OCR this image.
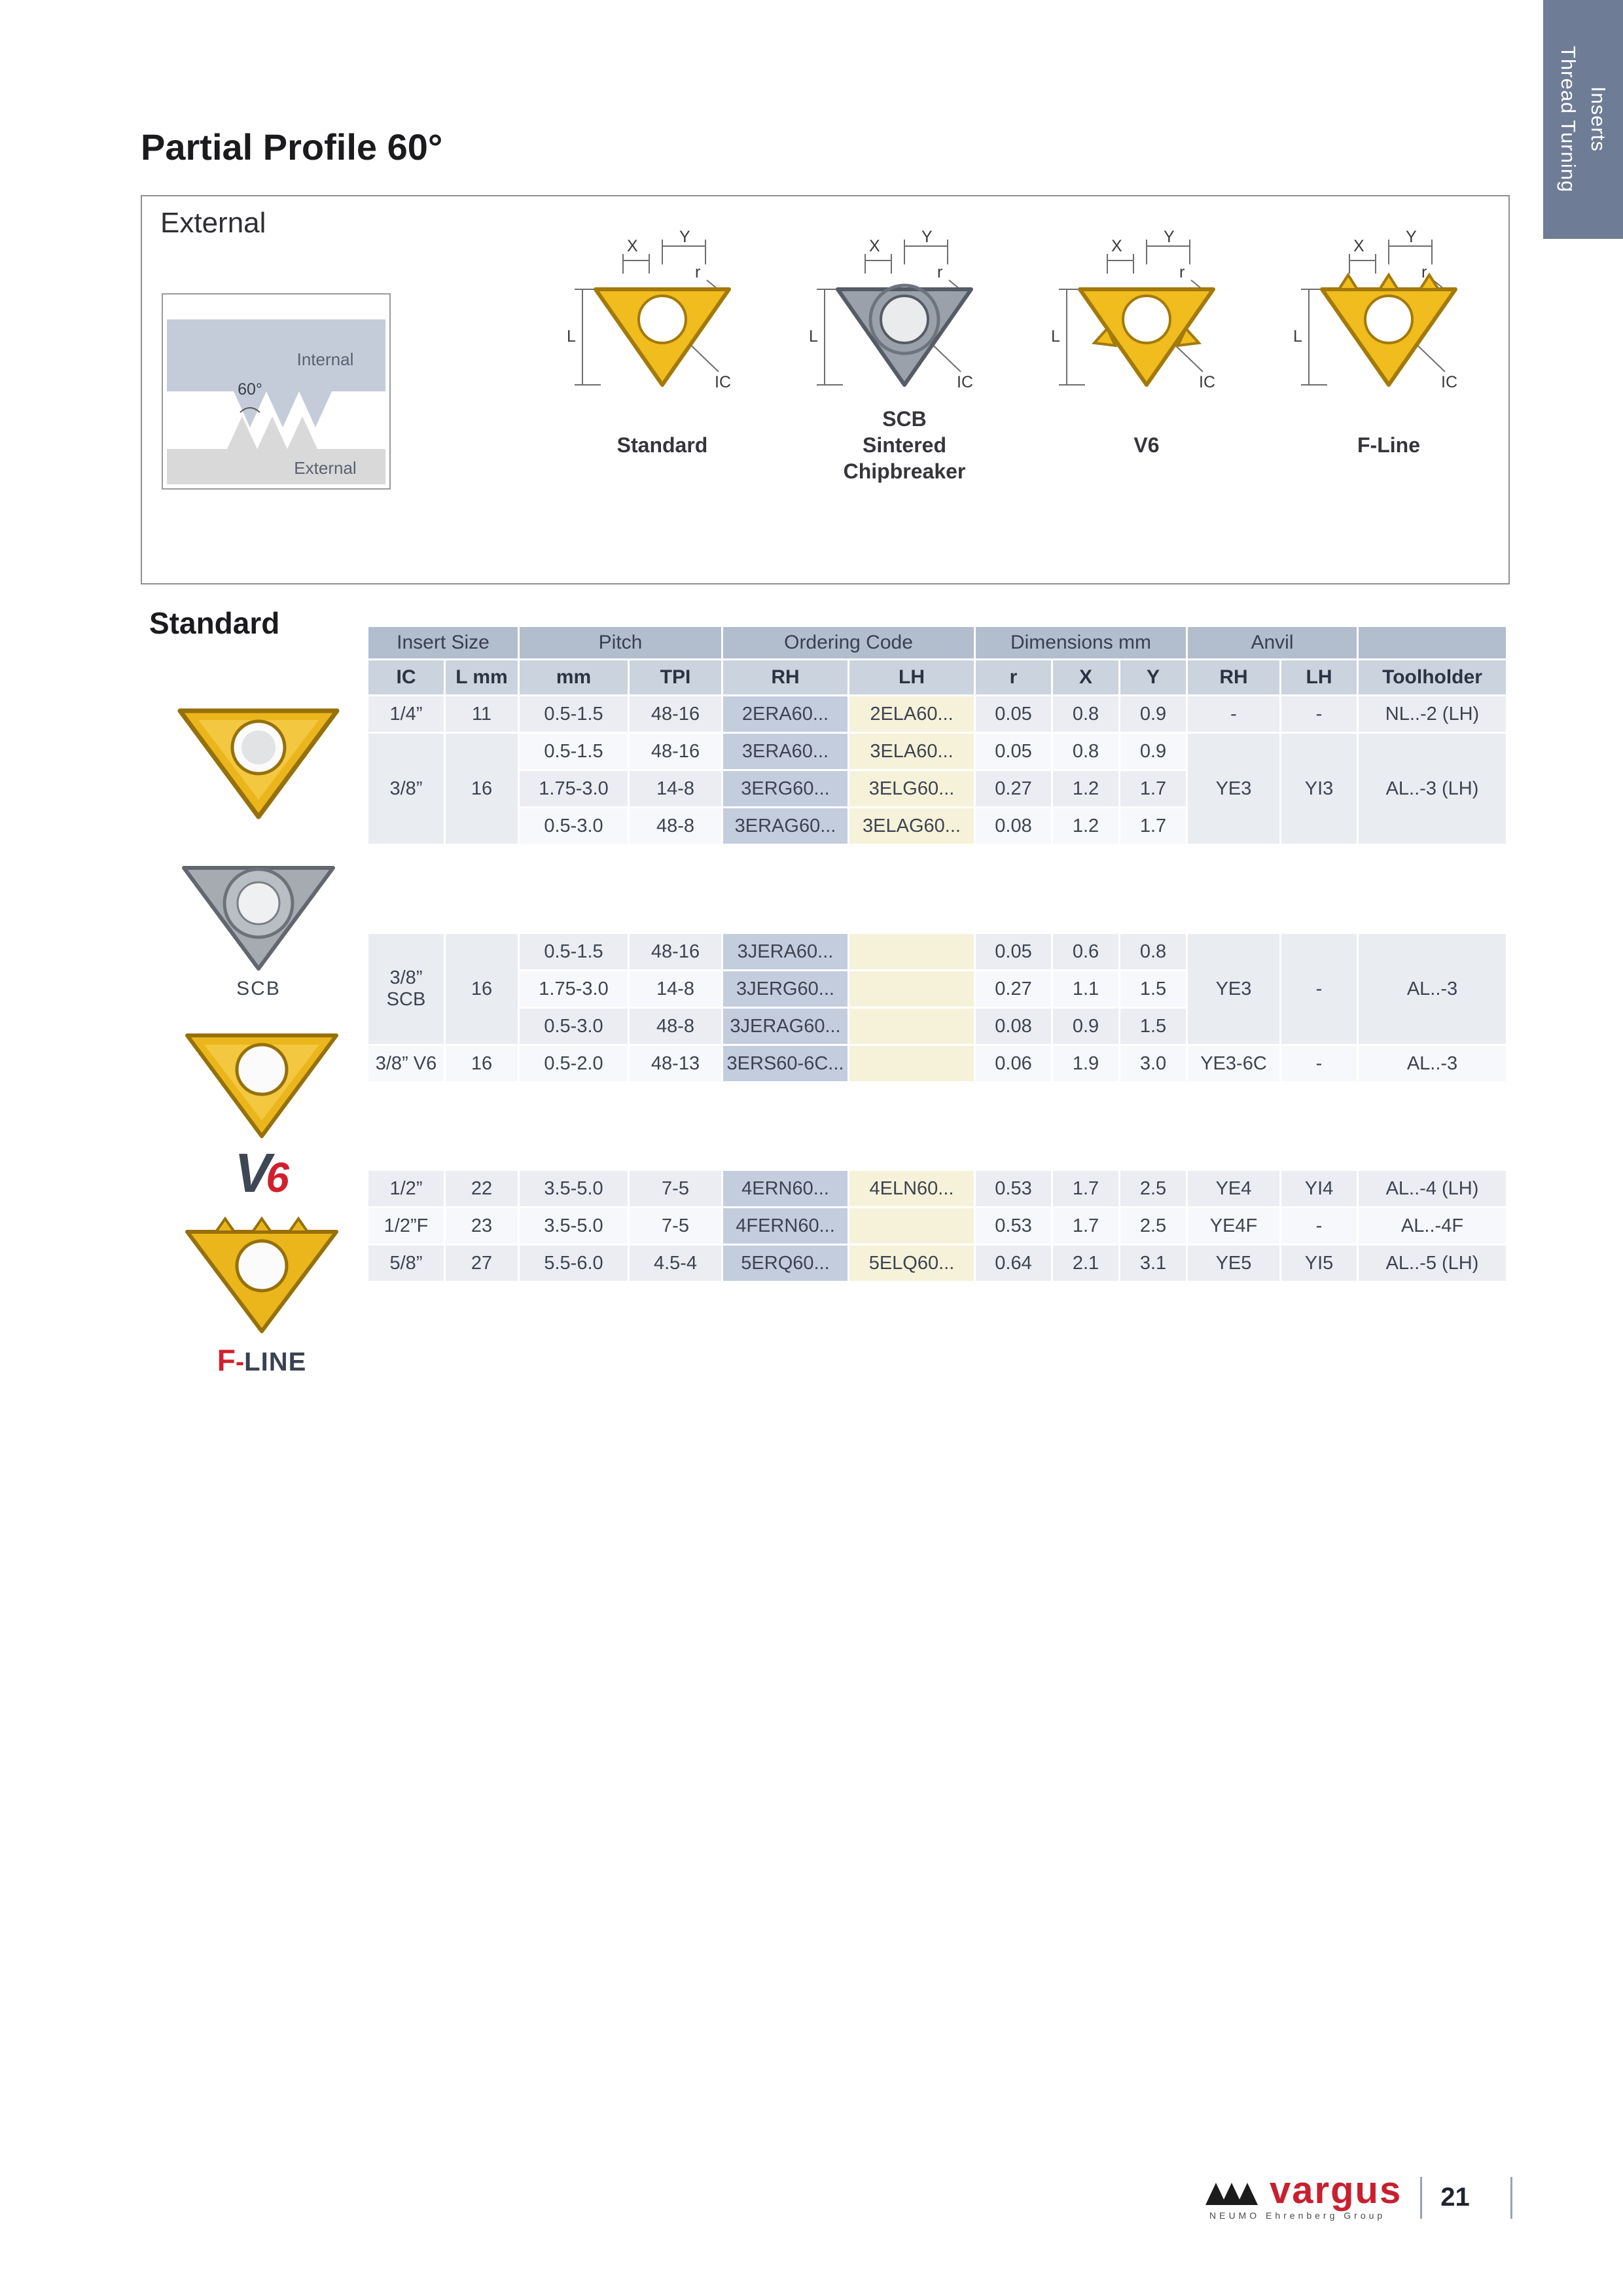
Thread Turning Inserts
Partial Profile 60°
External
Internal
60°
External
Y
X
r
L
IC
Standard
Y
X
r
L
IC
SCB
Sintered
Chipbreaker
Y
X
r
L
IC
V6
Y
X
r
L
IC
F-Line
Standard
SCB
V6
F-LINE
Insert Size		Pitch		Ordering Code		Dimensions mm			Anvil		
IC	L mm	mm	TPI	RH	LH	r	X	Y	RH	LH	Toolholder
1/4”	11	0.5-1.5	48-16	2ERA60...	2ELA60...	0.05	0.8	0.9	-	-	NL..-2 (LH)
3/8”	16	0.5-1.5	48-16	3ERA60...	3ELA60...	0.05	0.8	0.9	YE3	YI3	AL..-3 (LH)
		1.75-3.0	14-8	3ERG60...	3ELG60...	0.27	1.2	1.7			
		0.5-3.0	48-8	3ERAG60...	3ELAG60...	0.08	1.2	1.7			
3/8”
SCB	16	0.5-1.5	48-16	3JERA60...		0.05	0.6	0.8	YE3	-	AL..-3
		1.75-3.0	14-8	3JERG60...		0.27	1.1	1.5			
		0.5-3.0	48-8	3JERAG60...		0.08	0.9	1.5			
3/8” V6	16	0.5-2.0	48-13	3ERS60-6C...		0.06	1.9	3.0	YE3-6C	-	AL..-3
1/2”	22	3.5-5.0	7-5	4ERN60...	4ELN60...	0.53	1.7	2.5	YE4	YI4	AL..-4 (LH)
1/2”F	23	3.5-5.0	7-5	4FERN60...		0.53	1.7	2.5	YE4F	-	AL..-4F
5/8”	27	5.5-6.0	4.5-4	5ERQ60...	5ELQ60...	0.64	2.1	3.1	YE5	YI5	AL..-5 (LH)
vargus
NEUMO Ehrenberg Group
21
